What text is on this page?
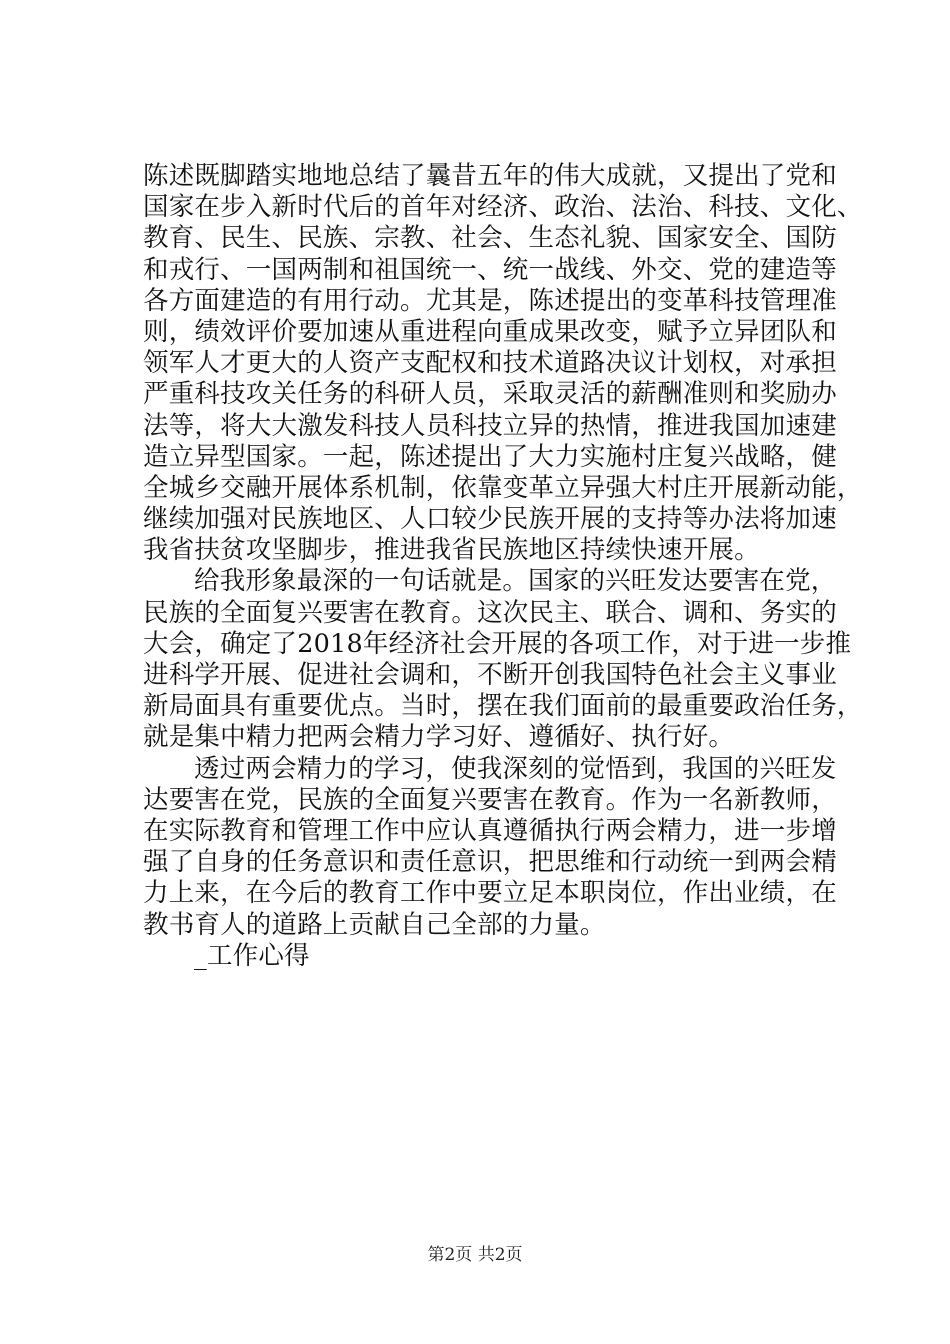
陈述既脚踏实地地总结了曩昔五年的伟大成就，又提出了党和
国家在步入新时代后的首年对经济、政治、法治、科技、文化、
教育、民生、民族、宗教、社会、生态礼貌、国家安全、国防
和戎行、一国两制和祖国统一、统一战线、外交、党的建造等
各方面建造的有用行动。尤其是，陈述提出的变革科技管理准
则，绩效评价要加速从重进程向重成果改变，赋予立异团队和
领军人才更大的人资产支配权和技术道路决议计划权，对承担
严重科技攻关任务的科研人员，采取灵活的薪酬准则和奖励办
法等，将大大激发科技人员科技立异的热情，推进我国加速建
造立异型国家。一起，陈述提出了大力实施村庄复兴战略，健
全城乡交融开展体系机制，依靠变革立异强大村庄开展新动能，
继续加强对民族地区、人口较少民族开展的支持等办法将加速
我省扶贫攻坚脚步，推进我省民族地区持续快速开展。
给我形象最深的一句话就是。国家的兴旺发达要害在党，
民族的全面复兴要害在教育。这次民主、联合、调和、务实的
大会，确定了2018年经济社会开展的各项工作，对于进一步推
进科学开展、促进社会调和，不断开创我国特色社会主义事业
新局面具有重要优点。当时，摆在我们面前的最重要政治任务，
就是集中精力把两会精力学习好、遵循好、执行好。
透过两会精力的学习，使我深刻的觉悟到，我国的兴旺发
达要害在党，民族的全面复兴要害在教育。作为一名新教师，
在实际教育和管理工作中应认真遵循执行两会精力，进一步增
强了自身的任务意识和责任意识，把思维和行动统一到两会精
力上来，在今后的教育工作中要立足本职岗位，作出业绩，在
教书育人的道路上贡献自己全部的力量。
_工作心得
第2页 共2页
